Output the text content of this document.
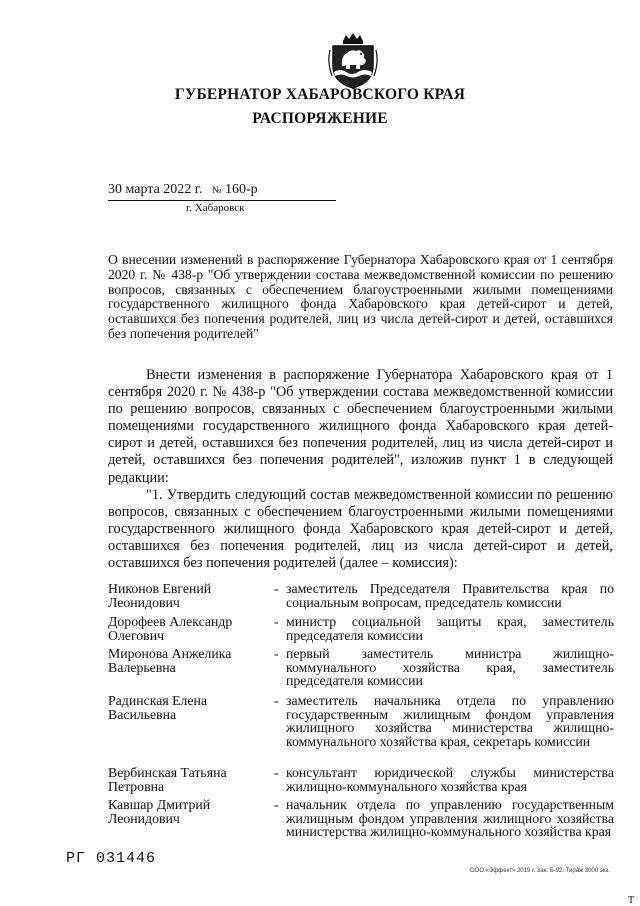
ГУБЕРНАТОР ХАБАРОВСКОГО КРАЯ
РАСПОРЯЖЕНИЕ
30 марта 2022 г. № 160-р
г. Хабаровск
О внесении изменений в распоряжение Губернатора Хабаровского края от 1 сентября 2020 г. № 438-р "Об утверждении состава межведомственной комиссии по решению вопросов, связанных с обеспечением благоустроенными жилыми помещениями государственного жилищного фонда Хабаровского края детей-сирот и детей, оставшихся без попечения родителей, лиц из числа детей-сирот и детей, оставшихся без попечения родителей"

Внести изменения в распоряжение Губернатора Хабаровского края от 1 сентября 2020 г. № 438-р "Об утверждении состава межведомственной комиссии по решению вопросов, связанных с обеспечением благоустроенными жилыми помещениями государственного жилищного фонда Хабаровского края детей-сирот и детей, оставшихся без попечения родителей, лиц из числа детей-сирот и детей, оставшихся без попечения родителей", изложив пункт 1 в следующей редакции:

"1. Утвердить следующий состав межведомственной комиссии по решению вопросов, связанных с обеспечением благоустроенными жилыми помещениями государственного жилищного фонда Хабаровского края детей-сирот и детей, оставшихся без попечения родителей, лиц из числа детей-сирот и детей, оставшихся без попечения родителей (далее – комиссия):

Никонов Евгений Леонидович
- заместитель Председателя Правительства края по социальным вопросам, председатель комиссии
Дорофеев Александр Олегович
- министр социальной защиты края, заместитель председателя комиссии
Миронова Анжелика Валерьевна
- первый заместитель министра жилищно-коммунального хозяйства края, заместитель председателя комиссии
Радинская Елена Васильевна
- заместитель начальника отдела по управлению государственным жилищным фондом управления жилищного хозяйства министерства жилищно-коммунального хозяйства края, секретарь комиссии
Вербинская Татьяна Петровна
- консультант юридической службы министерства жилищно-коммунального хозяйства края
Кавшар Дмитрий Леонидович
- начальник отдела по управлению государственным жилищным фондом управления жилищного хозяйства министерства жилищно-коммунального хозяйства края
РГ 031446
ООО «Эффект» 2019 г. Зак. Б-92. Тираж 3000 экз.
T
